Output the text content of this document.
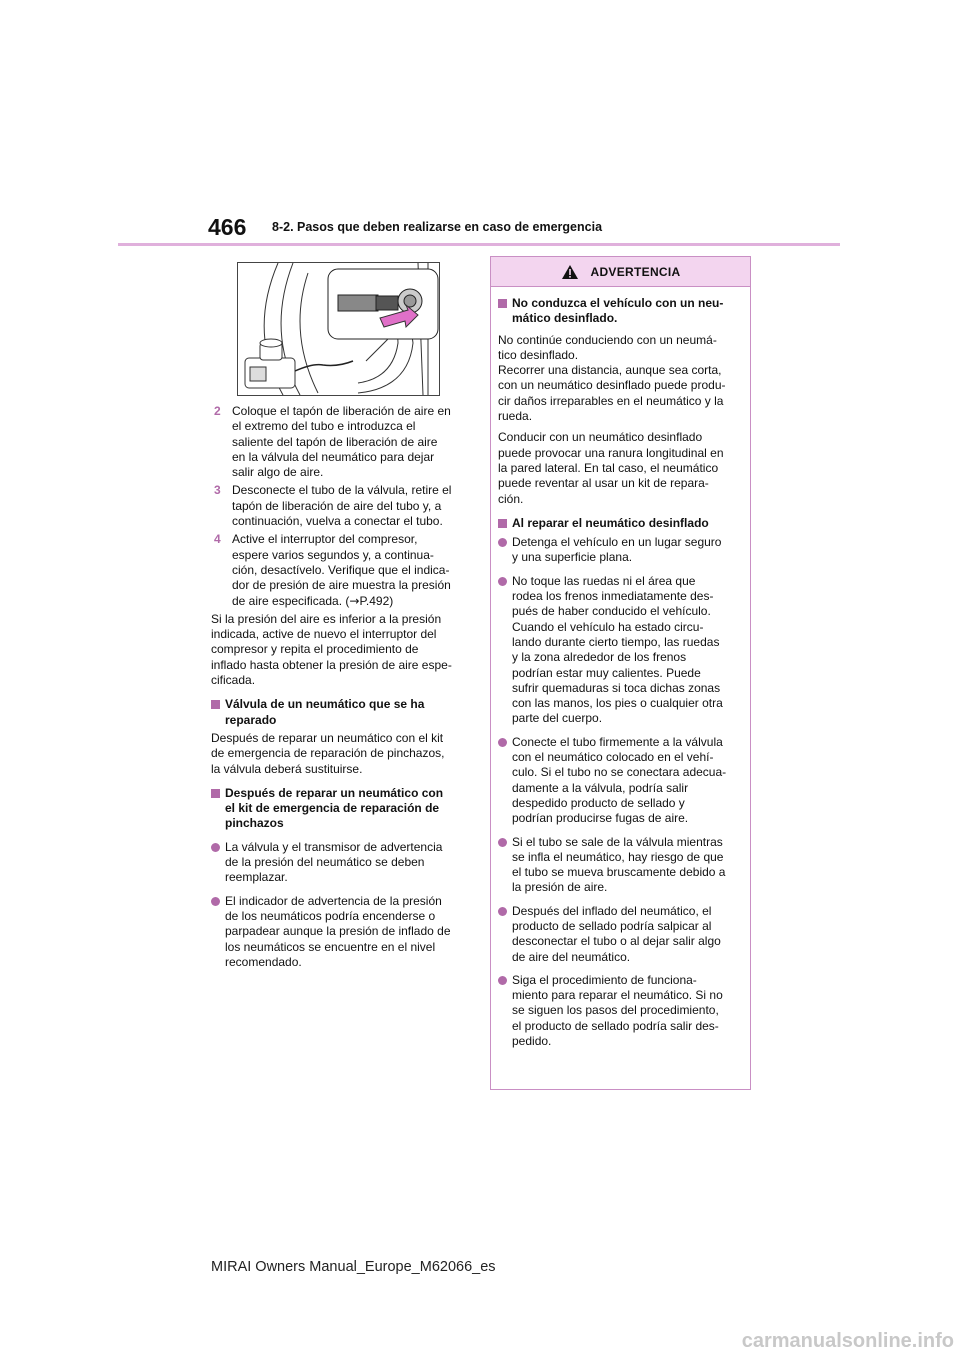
466 8-2. Pasos que deben realizarse en caso de emergencia
2 Coloque el tapón de liberación de aire en
el extremo del tubo e introduzca el
saliente del tapón de liberación de aire
en la válvula del neumático para dejar
salir algo de aire.
3 Desconecte el tubo de la válvula, retire el
tapón de liberación de aire del tubo y, a
continuación, vuelva a conectar el tubo.
4 Active el interruptor del compresor,
espere varios segundos y, a continua-
ción, desactívelo. Verifique que el indica-
dor de presión de aire muestra la presión
de aire especificada. (→P.492)
Si la presión del aire es inferior a la presión
indicada, active de nuevo el interruptor del
compresor y repita el procedimiento de
inflado hasta obtener la presión de aire espe-
cificada.
Válvula de un neumático que se ha
reparado
Después de reparar un neumático con el kit
de emergencia de reparación de pinchazos,
la válvula deberá sustituirse.
Después de reparar un neumático con
el kit de emergencia de reparación de
pinchazos
La válvula y el transmisor de advertencia
de la presión del neumático se deben
reemplazar.
El indicador de advertencia de la presión
de los neumáticos podría encenderse o
parpadear aunque la presión de inflado de
los neumáticos se encuentre en el nivel
recomendado.
ADVERTENCIA
No conduzca el vehículo con un neu-
mático desinflado.
No continúe conduciendo con un neumá-
tico desinflado.
Recorrer una distancia, aunque sea corta,
con un neumático desinflado puede produ-
cir daños irreparables en el neumático y la
rueda.
Conducir con un neumático desinflado
puede provocar una ranura longitudinal en
la pared lateral. En tal caso, el neumático
puede reventar al usar un kit de repara-
ción.
Al reparar el neumático desinflado
Detenga el vehículo en un lugar seguro
y una superficie plana.
No toque las ruedas ni el área que
rodea los frenos inmediatamente des-
pués de haber conducido el vehículo.
Cuando el vehículo ha estado circu-
lando durante cierto tiempo, las ruedas
y la zona alrededor de los frenos
podrían estar muy calientes. Puede
sufrir quemaduras si toca dichas zonas
con las manos, los pies o cualquier otra
parte del cuerpo.
Conecte el tubo firmemente a la válvula
con el neumático colocado en el vehí-
culo. Si el tubo no se conectara adecua-
damente a la válvula, podría salir
despedido producto de sellado y
podrían producirse fugas de aire.
Si el tubo se sale de la válvula mientras
se infla el neumático, hay riesgo de que
el tubo se mueva bruscamente debido a
la presión de aire.
Después del inflado del neumático, el
producto de sellado podría salpicar al
desconectar el tubo o al dejar salir algo
de aire del neumático.
Siga el procedimiento de funciona-
miento para reparar el neumático. Si no
se siguen los pasos del procedimiento,
el producto de sellado podría salir des-
pedido.
MIRAI Owners Manual_Europe_M62066_es
carmanualsonline.info
